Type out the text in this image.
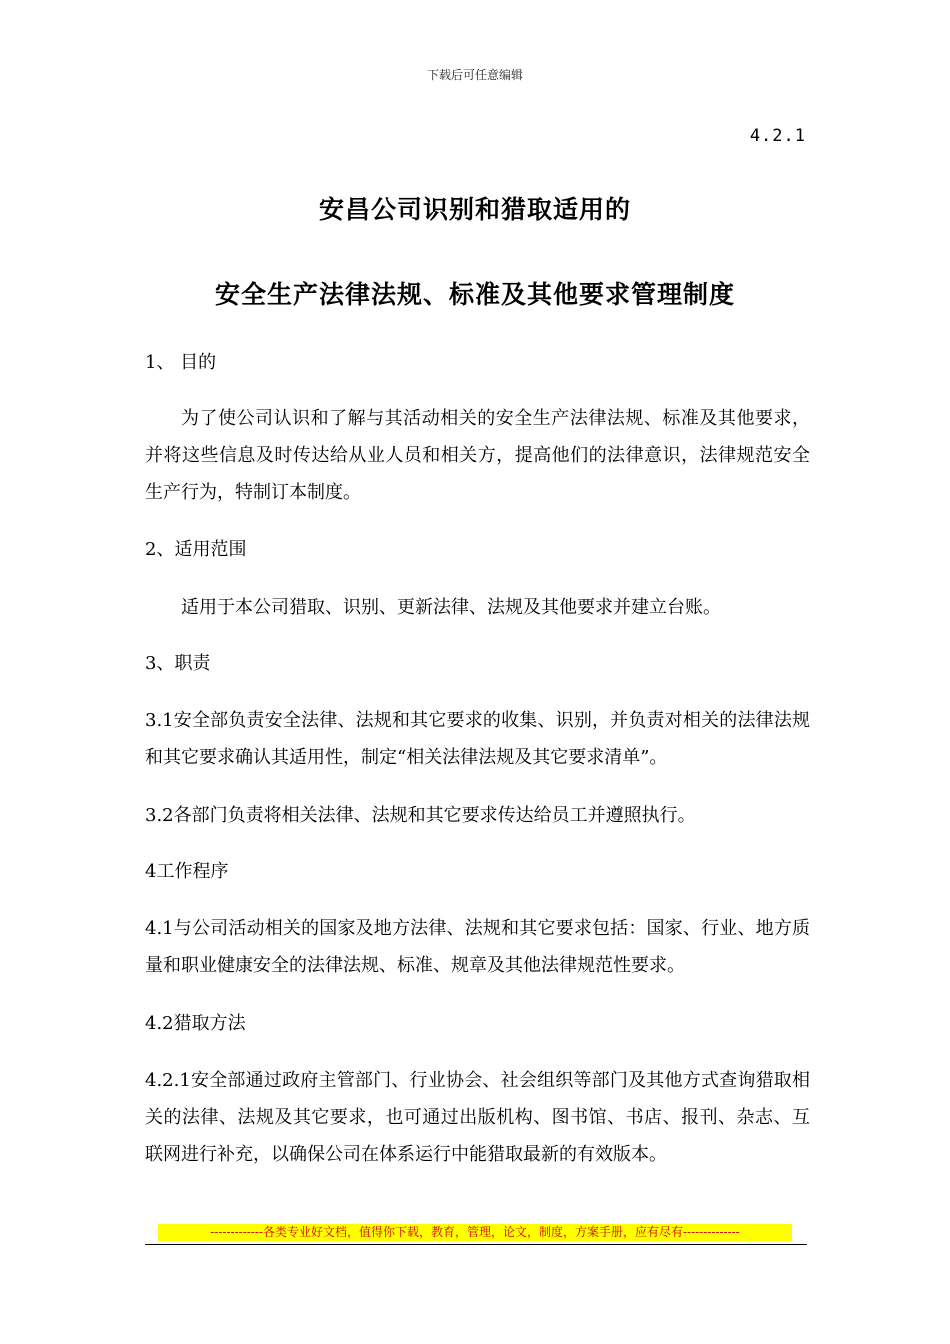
下载后可任意编辑
4.2.1
安昌公司识别和猎取适用的
安全生产法律法规、标准及其他要求管理制度
1、 目的
为了使公司认识和了解与其活动相关的安全生产法律法规、标准及其他要求，并将这些信息及时传达给从业人员和相关方，提高他们的法律意识，法律规范安全生产行为，特制订本制度。
2、适用范围
适用于本公司猎取、识别、更新法律、法规及其他要求并建立台账。
3、职责
3.1安全部负责安全法律、法规和其它要求的收集、识别，并负责对相关的法律法规和其它要求确认其适用性，制定“相关法律法规及其它要求清单”。
3.2各部门负责将相关法律、法规和其它要求传达给员工并遵照执行。
4工作程序
4.1与公司活动相关的国家及地方法律、法规和其它要求包括：国家、行业、地方质量和职业健康安全的法律法规、标准、规章及其他法律规范性要求。
4.2猎取方法
4.2.1安全部通过政府主管部门、行业协会、社会组织等部门及其他方式查询猎取相关的法律、法规及其它要求，也可通过出版机构、图书馆、书店、报刊、杂志、互联网进行补充，以确保公司在体系运行中能猎取最新的有效版本。
-------------各类专业好文档，值得你下载，教育，管理，论文，制度，方案手册，应有尽有--------------
